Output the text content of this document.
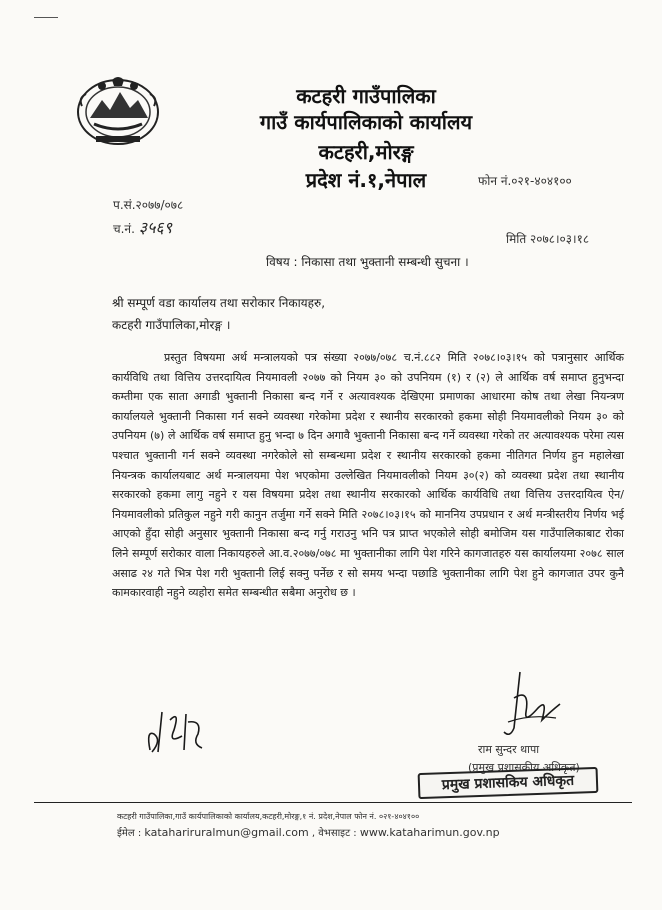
कटहरी गाउँपालिका
गाउँ कार्यपालिकाको कार्यालय
कटहरी,मोरङ्ग
प्रदेश नं.१,नेपाल	फोन नं.०२१-४०४१००
प.सं.२०७७/०७८
च.नं. ३५६९
मिति २०७८।०३।१८
विषय : निकासा तथा भुक्तानी सम्बन्धी सुचना ।
श्री सम्पूर्ण वडा कार्यालय तथा सरोकार निकायहरु,
कटहरी गाउँपालिका,मोरङ्ग ।
प्रस्तुत विषयमा अर्थ मन्त्रालयको पत्र संख्या २०७७/०७८ च.नं.८८२ मिति २०७८।०३।१५ को पत्रानुसार आर्थिक कार्यविधि तथा वित्तिय उत्तरदायित्व नियमावली २०७७ को नियम ३० को उपनियम (१) र (२) ले आर्थिक वर्ष समाप्त हुनुभन्दा कम्तीमा एक साता अगाडी भुक्तानी निकासा बन्द गर्ने र अत्यावश्यक देखिएमा प्रमाणका आधारमा कोष तथा लेखा नियन्त्रण कार्यालयले भुक्तानी निकासा गर्न सक्ने व्यवस्था गरेकोमा प्रदेश र स्थानीय सरकारको हकमा सोही नियमावलीको नियम ३० को उपनियम (७) ले आर्थिक वर्ष समाप्त हुनु भन्दा ७ दिन अगावै भुक्तानी निकासा बन्द गर्ने व्यवस्था गरेको तर अत्यावश्यक परेमा त्यस पश्चात भुक्तानी गर्न सक्ने व्यवस्था नगरेकोले सो सम्बन्धमा प्रदेश र स्थानीय सरकारको हकमा नीतिगत निर्णय हुन महालेखा नियन्त्रक कार्यालयबाट अर्थ मन्त्रालयमा पेश भएकोमा उल्लेखित नियमावलीको नियम ३०(२) को व्यवस्था प्रदेश तथा स्थानीय सरकारको हकमा लागु नहुने र यस विषयमा प्रदेश तथा स्थानीय सरकारको आर्थिक कार्यविधि तथा वित्तिय उत्तरदायित्व ऐन/नियमावलीको प्रतिकुल नहुने गरी कानुन तर्जुमा गर्ने सक्ने मिति २०७८।०३।१५ को माननिय उपप्रधान र अर्थ मन्त्रीस्तरीय निर्णय भई आएको हुँदा सोही अनुसार भुक्तानी निकासा बन्द गर्नु गराउनु भनि पत्र प्राप्त भएकोले सोही बमोजिम यस गाउँपालिकाबाट रोका लिने सम्पूर्ण सरोकार वाला निकायहरुले आ.व.२०७७/०७८ मा भुक्तानीका लागि पेश गरिने कागजातहरु यस कार्यालयमा २०७८ साल असाढ २४ गते भित्र पेश गरी भुक्तानी लिई सक्नु पर्नेछ र सो समय भन्दा पछाडि भुक्तानीका लागि पेश हुने कागजात उपर कुनै कामकारवाही नहुने व्यहोरा समेत सम्बन्धीत सबैमा अनुरोध छ ।
राम सुन्दर थापा
(प्रमुख प्रशासकीय अधिकृत)
प्रमुख प्रशासकिय अधिकृत
कटहरी गाउँपालिका,गाउँ कार्यपालिकाको कार्यालय,कटहरी,मोरङ्ग,१ नं. प्रदेश,नेपाल फोन नं. ०२१-४०४१००
ईमेल : katahariruralmun@gmail.com , वेभसाइट : www.kataharimun.gov.np
